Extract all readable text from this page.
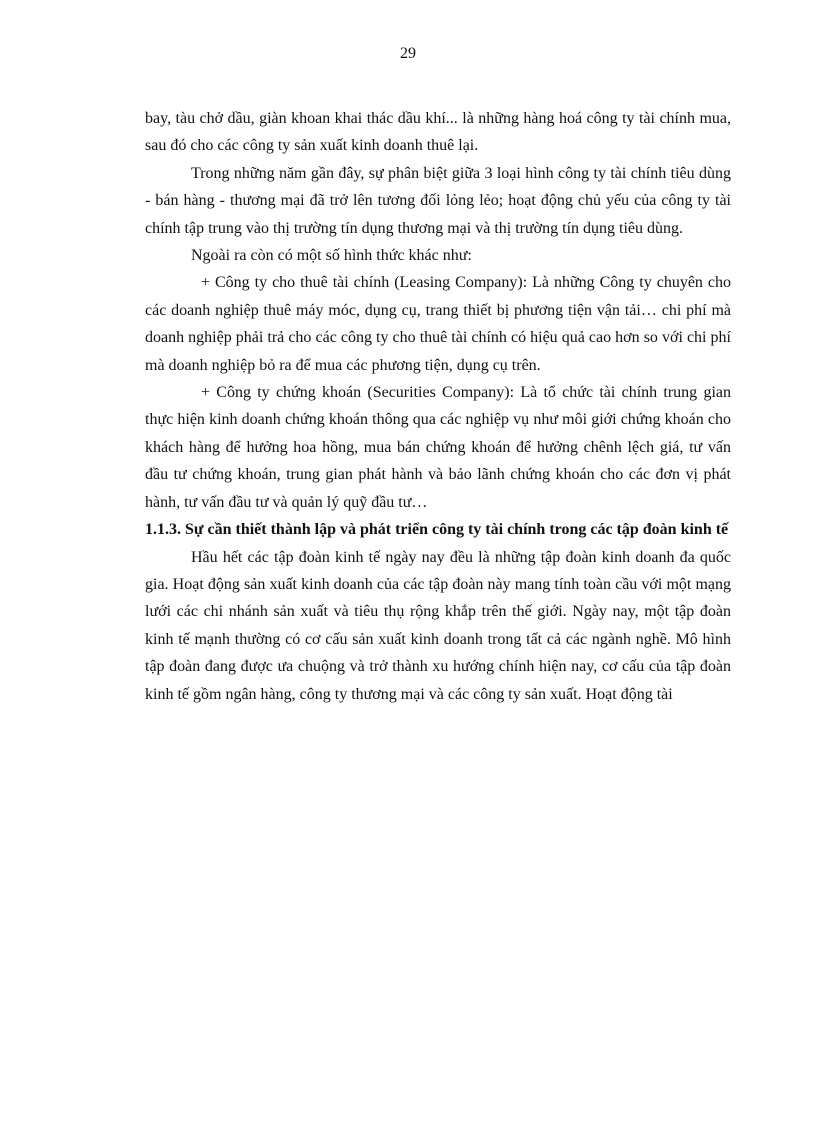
29

bay, tàu chở dầu, giàn khoan khai thác dầu khí... là những hàng hoá công ty tài chính mua, sau đó cho các công ty sản xuất kinh doanh thuê lại.

Trong những năm gần đây, sự phân biệt giữa 3 loại hình công ty tài chính tiêu dùng - bán hàng - thương mại đã trở lên tương đối lỏng lẻo; hoạt động chủ yếu của công ty tài chính tập trung vào thị trường tín dụng thương mại và thị trường tín dụng tiêu dùng.

Ngoài ra còn có một số hình thức khác như:

+ Công ty cho thuê tài chính (Leasing Company): Là những Công ty chuyên cho các doanh nghiệp thuê máy móc, dụng cụ, trang thiết bị phương tiện vận tải… chi phí mà doanh nghiệp phải trả cho các công ty cho thuê tài chính có hiệu quả cao hơn so với chi phí mà doanh nghiệp bỏ ra để mua các phương tiện, dụng cụ trên.

+ Công ty chứng khoán (Securities Company): Là tổ chức tài chính trung gian thực hiện kinh doanh chứng khoán thông qua các nghiệp vụ như môi giới chứng khoán cho khách hàng để hưởng hoa hồng, mua bán chứng khoán để hưởng chênh lệch giá, tư vấn đầu tư chứng khoán, trung gian phát hành và bảo lãnh chứng khoán cho các đơn vị phát hành, tư vấn đầu tư và quản lý quỹ đầu tư…

1.1.3. Sự cần thiết thành lập và phát triển công ty tài chính trong các tập đoàn kinh tế

Hầu hết các tập đoàn kinh tế ngày nay đều là những tập đoàn kinh doanh đa quốc gia. Hoạt động sản xuất kinh doanh của các tập đoàn này mang tính toàn cầu với một mạng lưới các chi nhánh sản xuất và tiêu thụ rộng khắp trên thế giới. Ngày nay, một tập đoàn kinh tế mạnh thường có cơ cấu sản xuất kinh doanh trong tất cả các ngành nghề. Mô hình tập đoàn đang được ưa chuộng và trở thành xu hướng chính hiện nay, cơ cấu của tập đoàn kinh tế gồm ngân hàng, công ty thương mại và các công ty sản xuất. Hoạt động tài
